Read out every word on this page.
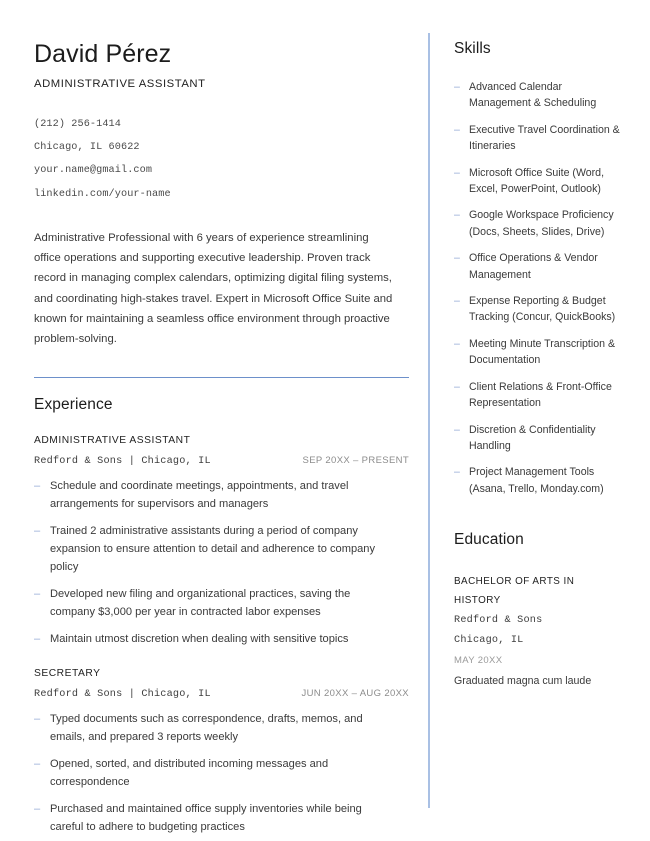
David Pérez
ADMINISTRATIVE ASSISTANT
(212) 256-1414
Chicago, IL 60622
your.name@gmail.com
linkedin.com/your-name

Administrative Professional with 6 years of experience streamlining office operations and supporting executive leadership. Proven track record in managing complex calendars, optimizing digital filing systems, and coordinating high-stakes travel. Expert in Microsoft Office Suite and known for maintaining a seamless office environment through proactive problem-solving.

Experience
ADMINISTRATIVE ASSISTANT
Redford & Sons | Chicago, IL	SEP 20XX – PRESENT
– Schedule and coordinate meetings, appointments, and travel arrangements for supervisors and managers
– Trained 2 administrative assistants during a period of company expansion to ensure attention to detail and adherence to company policy
– Developed new filing and organizational practices, saving the company $3,000 per year in contracted labor expenses
– Maintain utmost discretion when dealing with sensitive topics
SECRETARY
Redford & Sons | Chicago, IL	JUN 20XX – AUG 20XX
– Typed documents such as correspondence, drafts, memos, and emails, and prepared 3 reports weekly
– Opened, sorted, and distributed incoming messages and correspondence
– Purchased and maintained office supply inventories while being careful to adhere to budgeting practices
Skills
– Advanced Calendar Management & Scheduling
– Executive Travel Coordination & Itineraries
– Microsoft Office Suite (Word, Excel, PowerPoint, Outlook)
– Google Workspace Proficiency (Docs, Sheets, Slides, Drive)
– Office Operations & Vendor Management
– Expense Reporting & Budget Tracking (Concur, QuickBooks)
– Meeting Minute Transcription & Documentation
– Client Relations & Front-Office Representation
– Discretion & Confidentiality Handling
– Project Management Tools (Asana, Trello, Monday.com)
Education
BACHELOR OF ARTS IN
HISTORY
Redford & Sons
Chicago, IL
MAY 20XX
Graduated magna cum laude
